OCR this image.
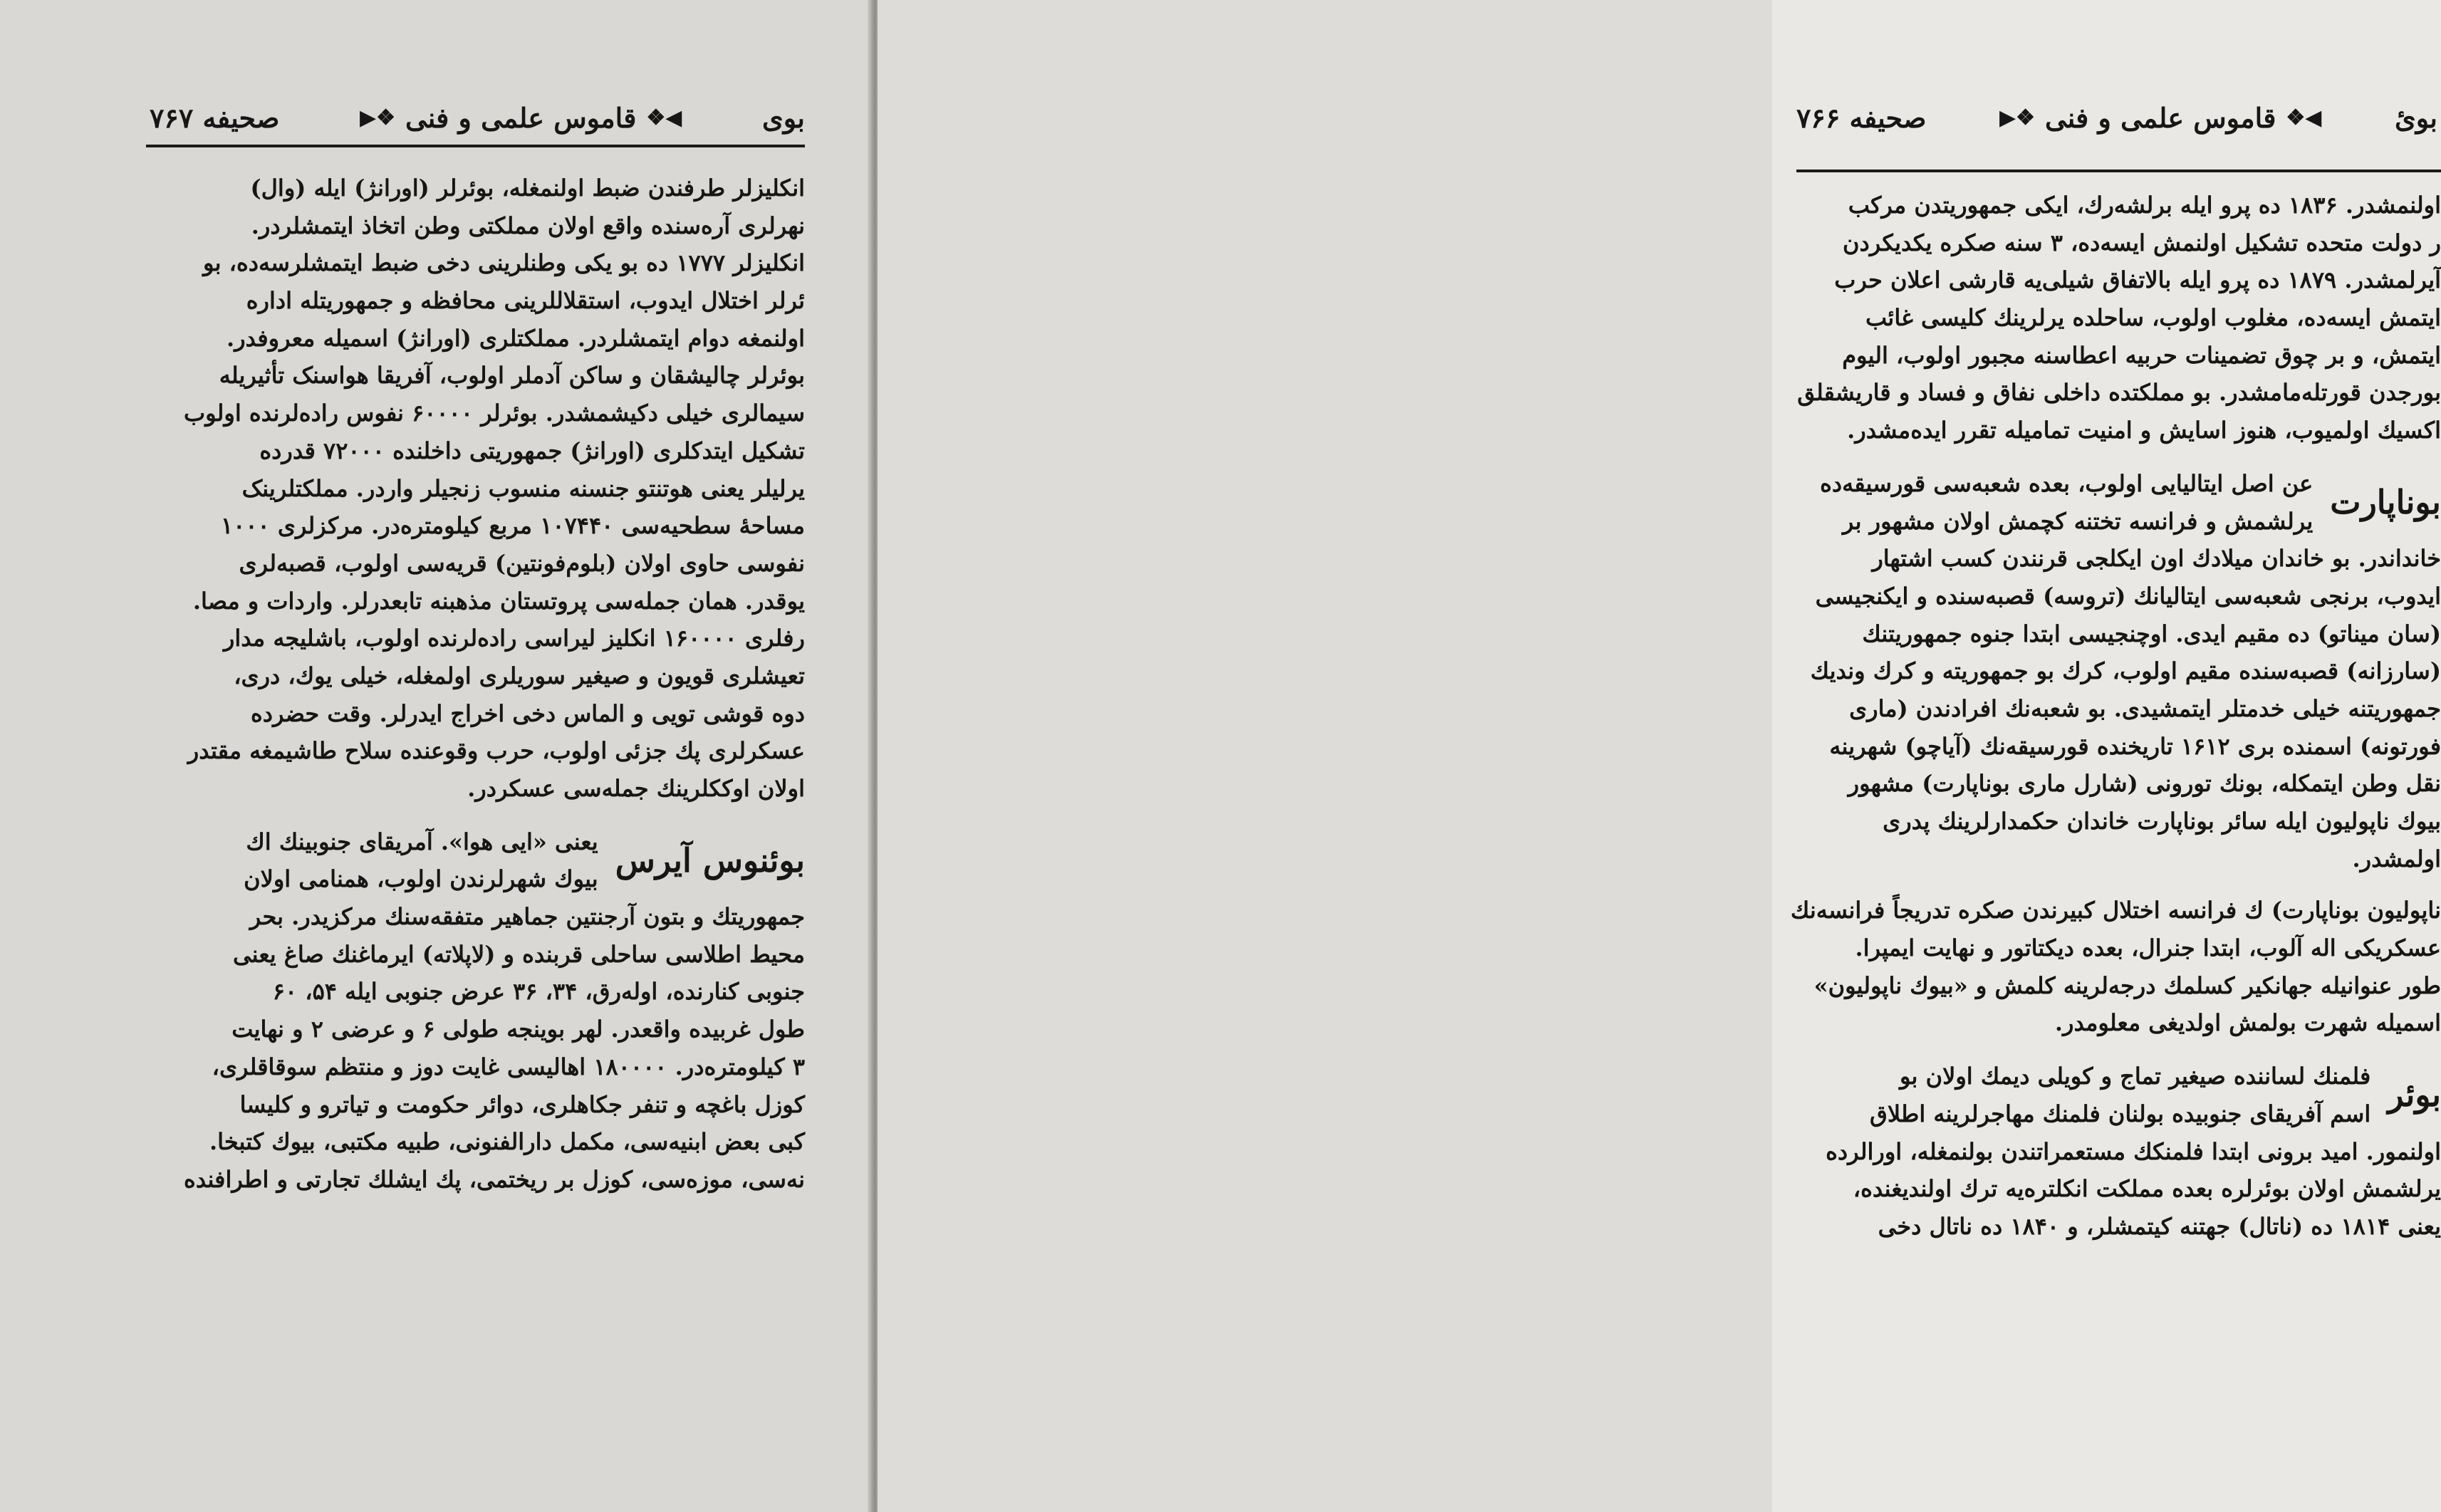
بوی
◀❖
قاموس علمی و فنی
❖▶
صحیفه ۷۶۷
انکلیزلر طرفندن ضبط اولنمغله، بوئرلر (اورانژ) ایله (وال)
نهرلری آره‌سنده واقع اولان مملکتی وطن اتخاذ ایتمشلردر.
انکلیزلر ۱۷۷۷ ده بو یکی وطنلرینی دخی ضبط ایتمشلر‌سه‌ده، بو
ئرلر اختلال ایدوب، استقلاللرینی محافظه و جمهوریتله اداره
اولنمغه دوام ایتمشلردر. مملکتلری (اورانژ) اسمیله معروفدر.
بوئرلر چالیشقان و ساکن آدملر اولوب، آفریقا هواسنک تأثیریله
سیمالری خیلی دکیشمشدر. بوئرلر ۶۰۰۰۰ نفوس راده‌لرنده اولوب
تشکیل ایتدکلری (اورانژ) جمهوریتی داخلنده ۷۲۰۰۰ قدرده
یرلیلر یعنی هوتنتو جنسنه منسوب زنجیلر واردر. مملکتلرینک
مساحهٔ سطحیه‌سی ۱۰۷۴۴۰ مربع کیلومتره‌در. مرکزلری ۱۰۰۰
نفوسی حاوی اولان (بلوم‌فونتین) قریه‌سی اولوب، قصبه‌لری
یوقدر. همان جمله‌سی پروتستان مذهبنه تابعدرلر. واردات و مصا.
رفلری ۱۶۰۰۰۰ انکلیز لیراسی راده‌لرنده اولوب، باشلیجه مدار
تعیشلری قویون و صیغیر سوریلری اولمغله، خیلی یوك، دری،
دوه قوشی تویی و الماس دخی اخراج ایدرلر. وقت حضرده
عسکرلری پك جزئی اولوب، حرب وقوعنده سلاح طاشیمغه مقتدر
اولان اوککلرینك جمله‌سی عسکردر.
بوئنوس آیرس
یعنی «ایی هوا». آمریقای جنوبینك اك
بیوك شهرلرندن اولوب، همنامی اولان
جمهوریتك و بتون آرجنتین جماهیر متفقه‌سنك مرکزیدر. بحر
محیط اطلاسی ساحلی قربنده و (لاپلاته) ایرماغنك صاغ یعنی
جنوبی کنارنده، اوله‌رق، ۳۴، ۳۶ عرض جنوبی ایله ۵۴، ۶۰
طول غربیده واقعدر. لهر بوینجه طولی ۶ و عرضی ۲ و نهایت
۳ کیلومتره‌در. ۱۸۰۰۰۰ اهالیسی غایت دوز و منتظم سوقاقلری،
کوزل باغچه و تنفر جکاهلری، دوائر حکومت و تیاترو و کلیسا
کبی بعض ابنیه‌سی، مکمل دارالفنونی، طبیه مکتبی، بیوك کتبخا.
نه‌سی، موزه‌سی، کوزل بر ریختمی، پك ایشلك تجارتی و اطرافنده
بوئ
◀❖
قاموس علمی و فنی
❖▶
صحیفه ۷۶۶
اولنمشدر. ۱۸۳۶ ده پرو ایله برلشه‌رك، ایکی جمهوریتدن مرکب
ر دولت متحده تشکیل اولنمش ایسه‌ده، ۳ سنه صکره یکدیکردن
آیرلمشدر. ۱۸۷۹ ده پرو ایله بالاتفاق شیلی‌یه قارشی اعلان حرب
ایتمش ایسه‌ده، مغلوب اولوب، ساحلده یرلرینك کلیسی غائب
ایتمش، و بر چوق تضمینات حربیه اعطاسنه مجبور اولوب، الیوم
بورجدن قورتله‌مامشدر. بو مملکتده داخلی نفاق و فساد و قاریشقلق
اکسیك اولمیوب، هنوز اسایش و امنیت تمامیله تقرر ایده‌مشدر.
بوناپارت
عن اصل ایتالیایی اولوب، بعده شعبه‌سی قورسیقه‌ده
یرلشمش و فرانسه تختنه کچمش اولان مشهور بر
خانداندر. بو خاندان میلادك اون ایکلجی قرنندن کسب اشتهار
ایدوب، برنجی شعبه‌سی ایتالیانك (تروسه) قصبه‌سنده و ایکنجیسی
(سان میناتو) ده مقیم ایدی. اوچنجیسی ابتدا جنوه جمهوریتنك
(سارزانه) قصبه‌سنده مقیم اولوب، کرك بو جمهوریته و کرك وندیك
جمهوریتنه خیلی خدمتلر ایتمشیدی. بو شعبه‌نك افرادندن (ماری
فورتونه) اسمنده بری ۱۶۱۲ تاریخنده قورسیقه‌نك (آیاچو) شهرینه
نقل وطن ایتمکله، بونك تورونی (شارل ماری بوناپارت) مشهور
بیوك ناپولیون ایله سائر بوناپارت خاندان حکمدارلرینك پدری
اولمشدر.
ناپولیون بوناپارت) ك فرانسه اختلال کبیرندن صکره تدریجاً فرانسه‌نك
عسکریکی اله آلوب، ابتدا جنرال، بعده دیکتاتور و نهایت ایمپرا.
طور عنوانیله جهانکیر کسلمك درجه‌لرینه کلمش و «بیوك ناپولیون»
اسمیله شهرت بولمش اولدیغی معلومدر.
بوئر
فلمنك لساننده صیغیر تماج و کویلی دیمك اولان بو
اسم آفریقای جنوبیده بولنان فلمنك مهاجرلرینه اطلاق
اولنمور. امید برونی ابتدا فلمنکك مستعمراتندن بولنمغله، اورالرده
یرلشمش اولان بوئرلره بعده مملکت انکلتره‌یه ترك اولنديغنده،
یعنی ۱۸۱۴ ده (ناتال) جهتنه کیتمشلر، و ۱۸۴۰ ده ناتال دخی
